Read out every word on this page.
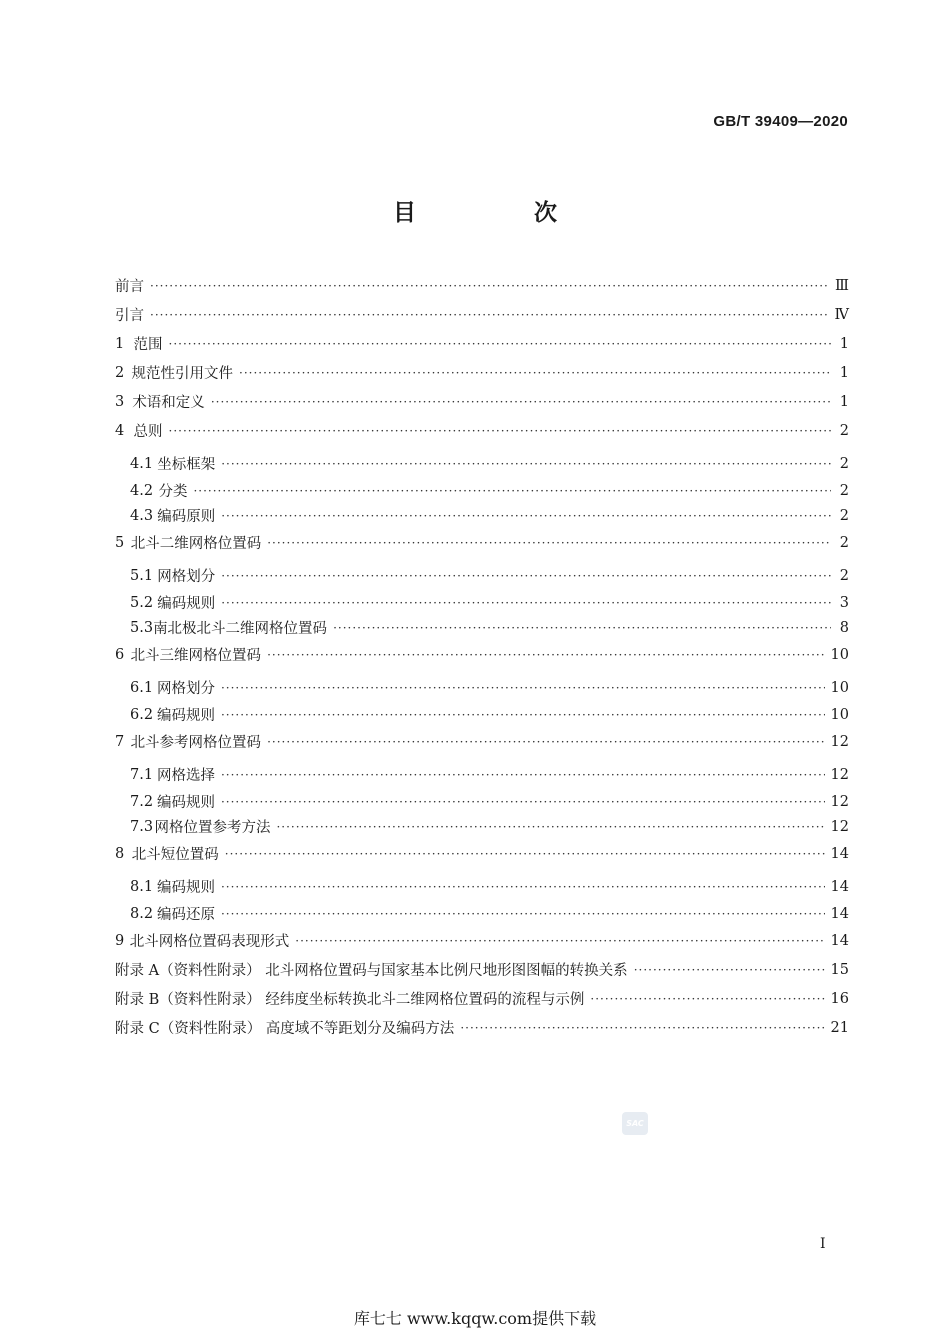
GB/T 39409—2020
目 次
前言 ·····	Ⅲ
引言 ·····	Ⅳ
1 范围 ·····	1
2 规范性引用文件 ·····	1
3 术语和定义 ·····	1
4 总则 ·····	2
4.1 坐标框架 ·····	2
4.2 分类 ·····	2
4.3 编码原则 ·····	2
5 北斗二维网格位置码 ·····	2
5.1 网格划分 ·····	2
5.2 编码规则 ·····	3
5.3 南北极北斗二维网格位置码 ·····	8
6 北斗三维网格位置码 ·····	10
6.1 网格划分 ·····	10
6.2 编码规则 ·····	10
7 北斗参考网格位置码 ·····	12
7.1 网格选择 ·····	12
7.2 编码规则 ·····	12
7.3 网格位置参考方法 ·····	12
8 北斗短位置码 ·····	14
8.1 编码规则 ·····	14
8.2 编码还原 ·····	14
9 北斗网格位置码表现形式 ·····	14
附录 A（资料性附录） 北斗网格位置码与国家基本比例尺地形图图幅的转换关系 ·····	15
附录 B（资料性附录） 经纬度坐标转换北斗二维网格位置码的流程与示例 ·····	16
附录 C（资料性附录） 高度域不等距划分及编码方法 ·····	21
SAC
I
库七七 www.kqqw.com提供下载
